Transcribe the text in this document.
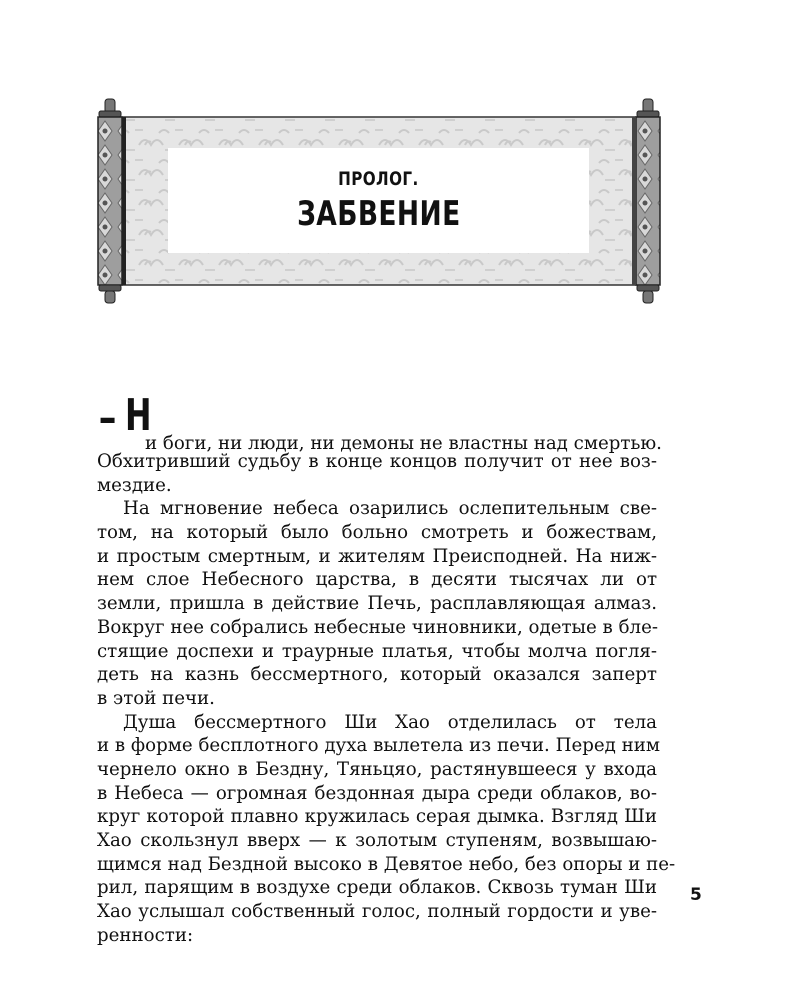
ПРОЛОГ.
ЗАБВЕНИЕ
– Н
и боги, ни люди, ни демоны не властны над смертью.
Обхитривший судьбу в конце концов получит от нее воз-
мездие.
На мгновение небеса озарились ослепительным све-
том, на который было больно смотреть и божествам,
и простым смертным, и жителям Преисподней. На ниж-
нем слое Небесного царства, в десяти тысячах ли от
земли, пришла в действие Печь, расплавляющая алмаз.
Вокруг нее собрались небесные чиновники, одетые в бле-
стящие доспехи и траурные платья, чтобы молча погля-
деть на казнь бессмертного, который оказался заперт
в этой печи.
Душа бессмертного Ши Хао отделилась от тела
и в форме бесплотного духа вылетела из печи. Перед ним
чернело окно в Бездну, Тяньцяо, растянувшееся у входа
в Небеса — огромная бездонная дыра среди облаков, во-
круг которой плавно кружилась серая дымка. Взгляд Ши
Хао скользнул вверх — к золотым ступеням, возвышаю-
щимся над Бездной высоко в Девятое небо, без опоры и пе-
рил, парящим в воздухе среди облаков. Сквозь туман Ши
Хао услышал собственный голос, полный гордости и уве-
ренности:
5
